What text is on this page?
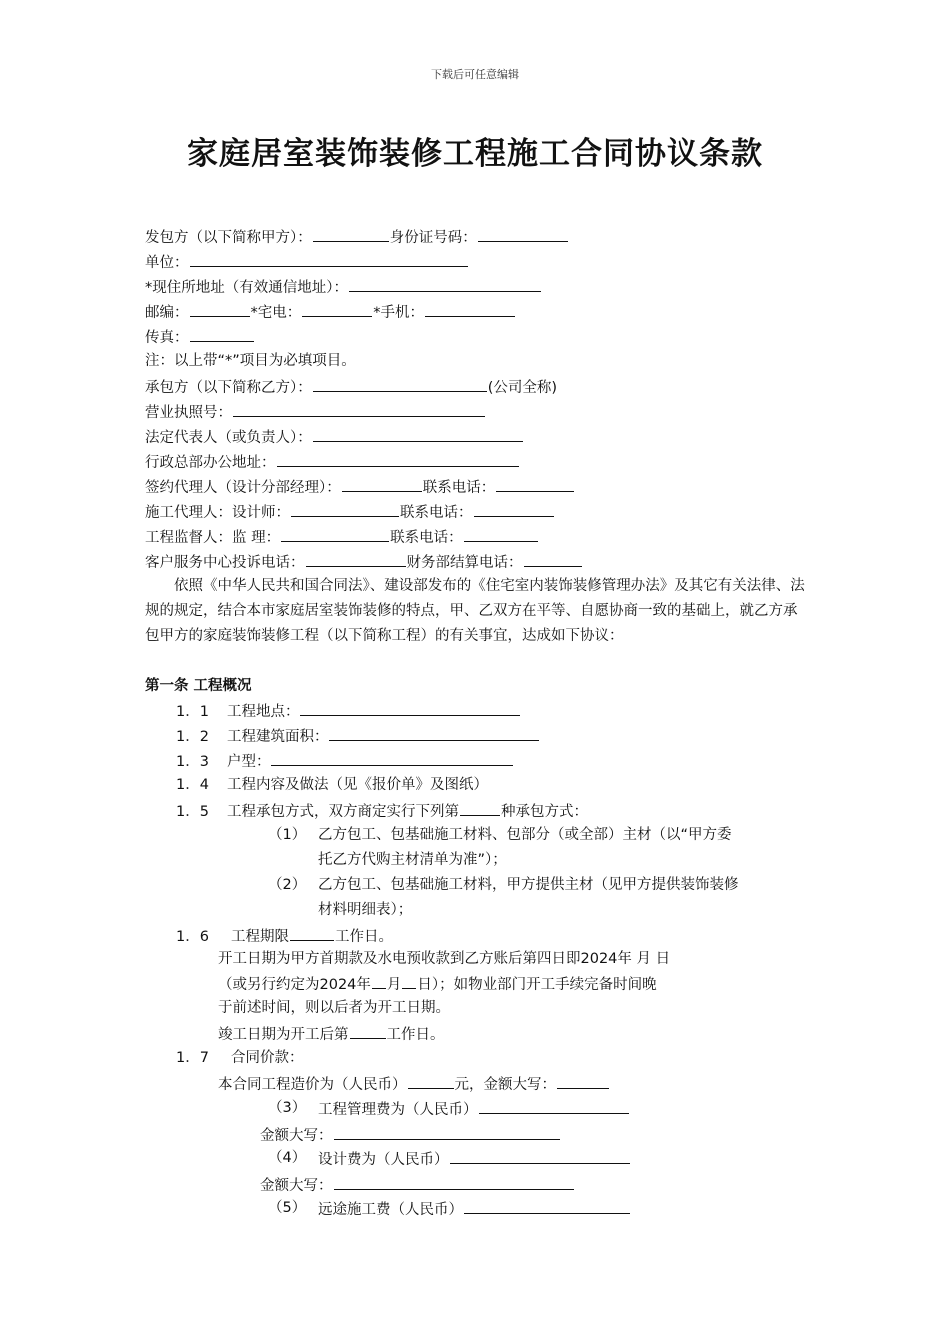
下载后可任意编辑
家庭居室装饰装修工程施工合同协议条款
发包方（以下简称甲方）：	身份证号码：
单位：
*现住所地址（有效通信地址）：
邮编：	*宅电：	*手机：
传真：
注：以上带“*”项目为必填项目。
承包方（以下简称乙方）：	(公司全称)
营业执照号：
法定代表人（或负责人）：
行政总部办公地址：
签约代理人（设计分部经理）：	联系电话：
施工代理人：设计师：	联系电话：
工程监督人：监 理：	联系电话：
客户服务中心投诉电话：	财务部结算电话：
依照《中华人民共和国合同法》、建设部发布的《住宅室内装饰装修管理办法》及其它有关法律、法规的规定，结合本市家庭居室装饰装修的特点，甲、乙双方在平等、自愿协商一致的基础上，就乙方承包甲方的家庭装饰装修工程（以下简称工程）的有关事宜，达成如下协议：
第一条 工程概况
1．1 工程地点：
1．2 工程建筑面积：
1．3 户型：
1．4 工程内容及做法（见《报价单》及图纸）
1．5 工程承包方式，双方商定实行下列第	种承包方式：
（1） 乙方包工、包基础施工材料、包部分（或全部）主材（以“甲方委
托乙方代购主材清单为准”）；
（2） 乙方包工、包基础施工材料，甲方提供主材（见甲方提供装饰装修
材料明细表）；
1．6 工程期限	工作日。
开工日期为甲方首期款及水电预收款到乙方账后第四日即2024年 月 日
（或另行约定为2024年 月 日）；如物业部门开工手续完备时间晚
于前述时间，则以后者为开工日期。
竣工日期为开工后第	工作日。
1．7 合同价款：
本合同工程造价为（人民币）	元，金额大写：
（3） 工程管理费为（人民币）
金额大写：
（4） 设计费为（人民币）
金额大写：
（5） 远途施工费（人民币）
